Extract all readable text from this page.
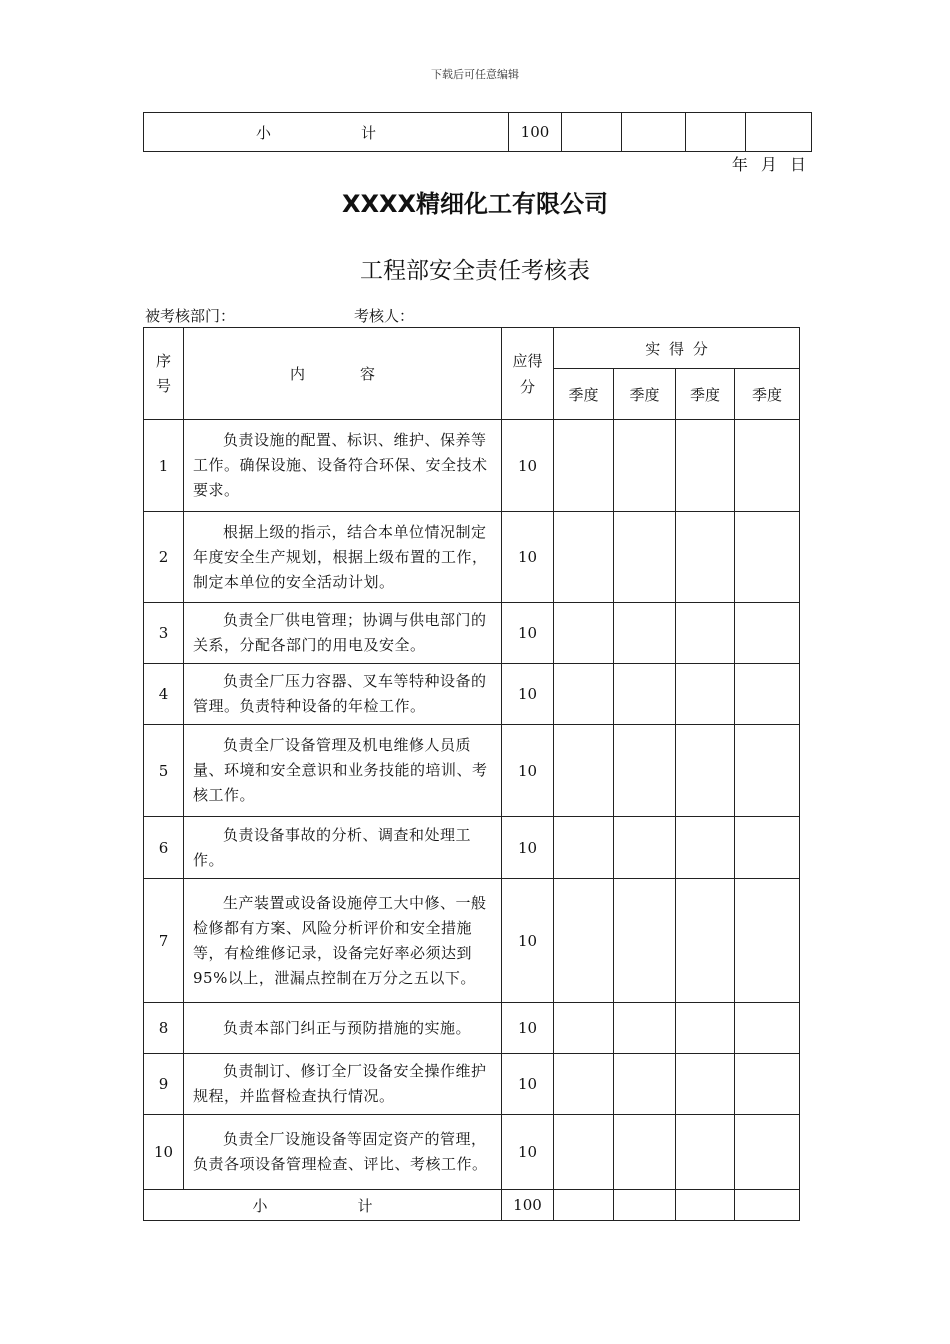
下载后可任意编辑
小　　计	100				
年 月 日
XXXX精细化工有限公司
工程部安全责任考核表
被考核部门：	考核人：
序号	内　容	应得分	实 得 分			
			季度	季度	季度	季度
1	负责设施的配置、标识、维护、保养等工作。确保设施、设备符合环保、安全技术要求。	10				
2	根据上级的指示，结合本单位情况制定年度安全生产规划，根据上级布置的工作，制定本单位的安全活动计划。	10				
3	负责全厂供电管理；协调与供电部门的关系，分配各部门的用电及安全。	10				
4	负责全厂压力容器、叉车等特种设备的管理。负责特种设备的年检工作。	10				
5	负责全厂设备管理及机电维修人员质量、环境和安全意识和业务技能的培训、考核工作。	10				
6	负责设备事故的分析、调查和处理工作。	10				
7	生产装置或设备设施停工大中修、一般检修都有方案、风险分析评价和安全措施等，有检维修记录，设备完好率必须达到95%以上，泄漏点控制在万分之五以下。	10				
8	负责本部门纠正与预防措施的实施。	10				
9	负责制订、修订全厂设备安全操作维护规程，并监督检查执行情况。	10				
10	负责全厂设施设备等固定资产的管理，负责各项设备管理检查、评比、考核工作。	10				
小　　计		100				
